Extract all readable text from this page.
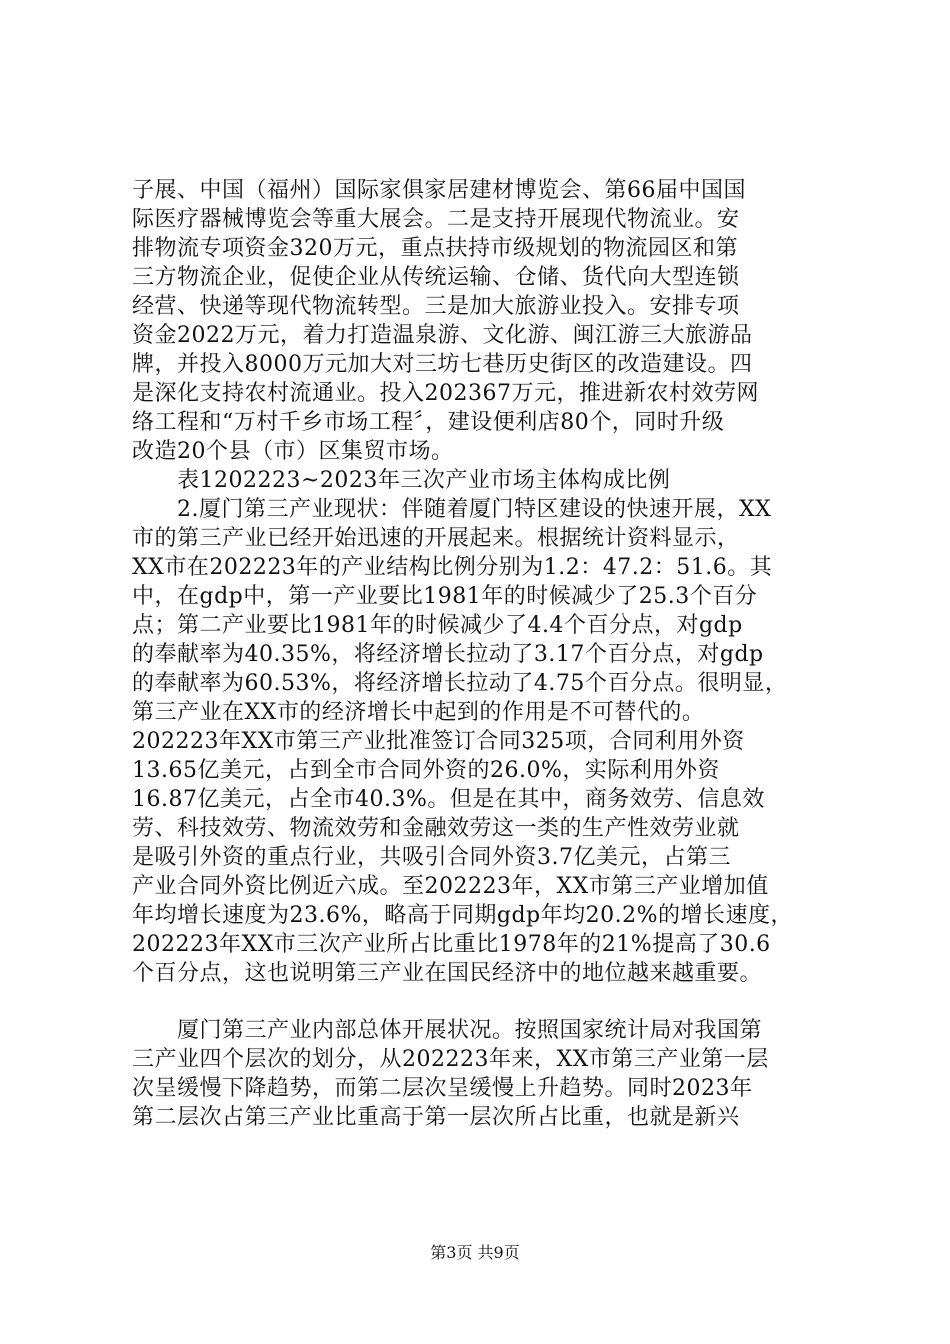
子展、中国（福州）国际家俱家居建材博览会、第66届中国国
际医疗器械博览会等重大展会。二是支持开展现代物流业。安
排物流专项资金320万元，重点扶持市级规划的物流园区和第
三方物流企业，促使企业从传统运输、仓储、货代向大型连锁
经营、快递等现代物流转型。三是加大旅游业投入。安排专项
资金2022万元，着力打造温泉游、文化游、闽江游三大旅游品
牌，并投入8000万元加大对三坊七巷历史街区的改造建设。四
是深化支持农村流通业。投入202367万元，推进新农村效劳网
络工程和“万村千乡市场工程〞，建设便利店80个，同时升级
改造20个县（市）区集贸市场。
　　表1202223~2023年三次产业市场主体构成比例
　　2.厦门第三产业现状：伴随着厦门特区建设的快速开展，XX
市的第三产业已经开始迅速的开展起来。根据统计资料显示，
XX市在202223年的产业结构比例分别为1.2：47.2：51.6。其
中，在gdp中，第一产业要比1981年的时候减少了25.3个百分
点；第二产业要比1981年的时候减少了4.4个百分点，对gdp
的奉献率为40.35%，将经济增长拉动了3.17个百分点，对gdp
的奉献率为60.53%，将经济增长拉动了4.75个百分点。很明显，
第三产业在XX市的经济增长中起到的作用是不可替代的。
202223年XX市第三产业批准签订合同325项，合同利用外资
13.65亿美元，占到全市合同外资的26.0%，实际利用外资
16.87亿美元，占全市40.3%。但是在其中，商务效劳、信息效
劳、科技效劳、物流效劳和金融效劳这一类的生产性效劳业就
是吸引外资的重点行业，共吸引合同外资3.7亿美元，占第三
产业合同外资比例近六成。至202223年，XX市第三产业增加值
年均增长速度为23.6%，略高于同期gdp年均20.2%的增长速度，
202223年XX市三次产业所占比重比1978年的21%提高了30.6
个百分点，这也说明第三产业在国民经济中的地位越来越重要。
　　厦门第三产业内部总体开展状况。按照国家统计局对我国第
三产业四个层次的划分，从202223年来，XX市第三产业第一层
次呈缓慢下降趋势，而第二层次呈缓慢上升趋势。同时2023年
第二层次占第三产业比重高于第一层次所占比重，也就是新兴
第3页 共9页
